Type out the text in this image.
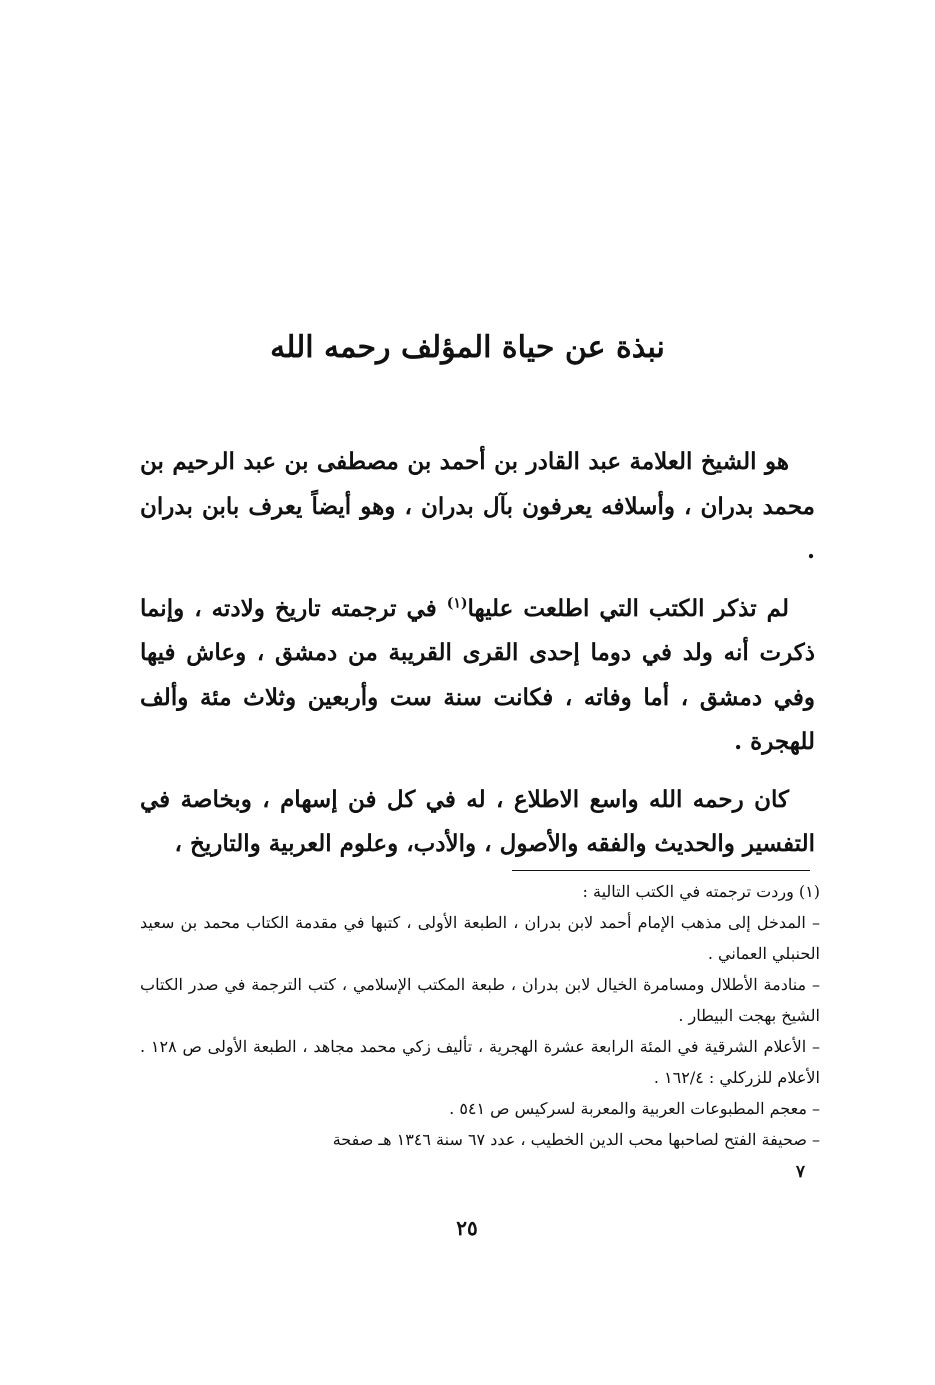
نبذة عن حياة المؤلف رحمه الله

هو الشيخ العلامة عبد القادر بن أحمد بن مصطفى بن عبد الرحيم بن محمد بدران ، وأسلافه يعرفون بآل بدران ، وهو أيضاً يعرف بابن بدران .

لم تذكر الكتب التي اطلعت عليها$^{(١)}$ في ترجمته تاريخ ولادته ، وإنما ذكرت أنه ولد في دوما إحدى القرى القريبة من دمشق ، وعاش فيها وفي دمشق ، أما وفاته ، فكانت سنة ست وأربعين وثلاث مئة وألف للهجرة .

كان رحمه الله واسع الاطلاع ، له في كل فن إسهام ، وبخاصة في التفسير والحديث والفقه والأصول ، والأدب، وعلوم العربية والتاريخ ،

(١) وردت ترجمته في الكتب التالية :

– المدخل إلى مذهب الإمام أحمد لابن بدران ، الطبعة الأولى ، كتبها في مقدمة الكتاب محمد بن سعيد الحنبلي العماني .

– منادمة الأطلال ومسامرة الخيال لابن بدران ، طبعة المكتب الإسلامي ، كتب الترجمة في صدر الكتاب الشيخ بهجت البيطار .

– الأعلام الشرقية في المئة الرابعة عشرة الهجرية ، تأليف زكي محمد مجاهد ، الطبعة الأولى ص ١٢٨ . الأعلام للزركلي : ١٦٢/٤ .

– معجم المطبوعات العربية والمعربة لسركيس ص ٥٤١ .

– صحيفة الفتح لصاحبها محب الدين الخطيب ، عدد ٦٧ سنة ١٣٤٦ هـ صفحة

٧
٢٥
